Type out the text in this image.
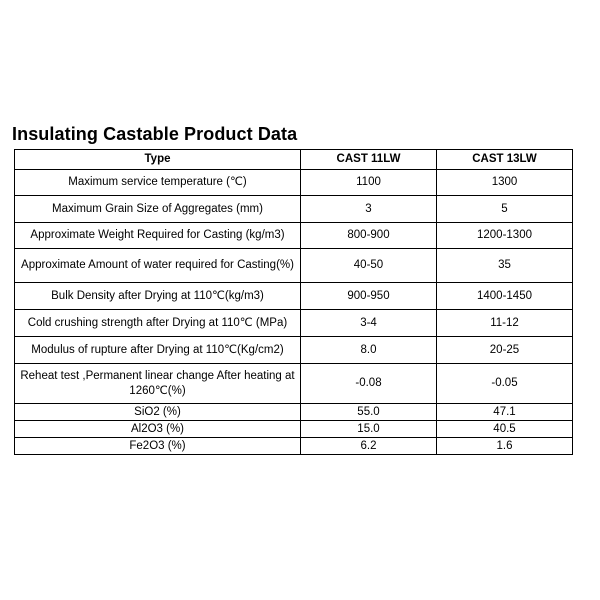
Insulating Castable Product Data
Type	CAST 11LW	CAST 13LW
Maximum service temperature (℃)	1100	1300
Maximum Grain Size of Aggregates (mm)	3	5
Approximate Weight Required for Casting (kg/m3)	800-900	1200-1300
Approximate Amount of water required for Casting(%)	40-50	35
Bulk Density after Drying at 110℃(kg/m3)	900-950	1400-1450
Cold crushing strength after Drying at 110℃ (MPa)	3-4	11-12
Modulus of rupture after Drying at 110℃(Kg/cm2)	8.0	20-25
Reheat test ,Permanent linear change After heating at 1260℃(%)	-0.08	-0.05
SiO2 (%)	55.0	47.1
Al2O3 (%)	15.0	40.5
Fe2O3 (%)	6.2	1.6
